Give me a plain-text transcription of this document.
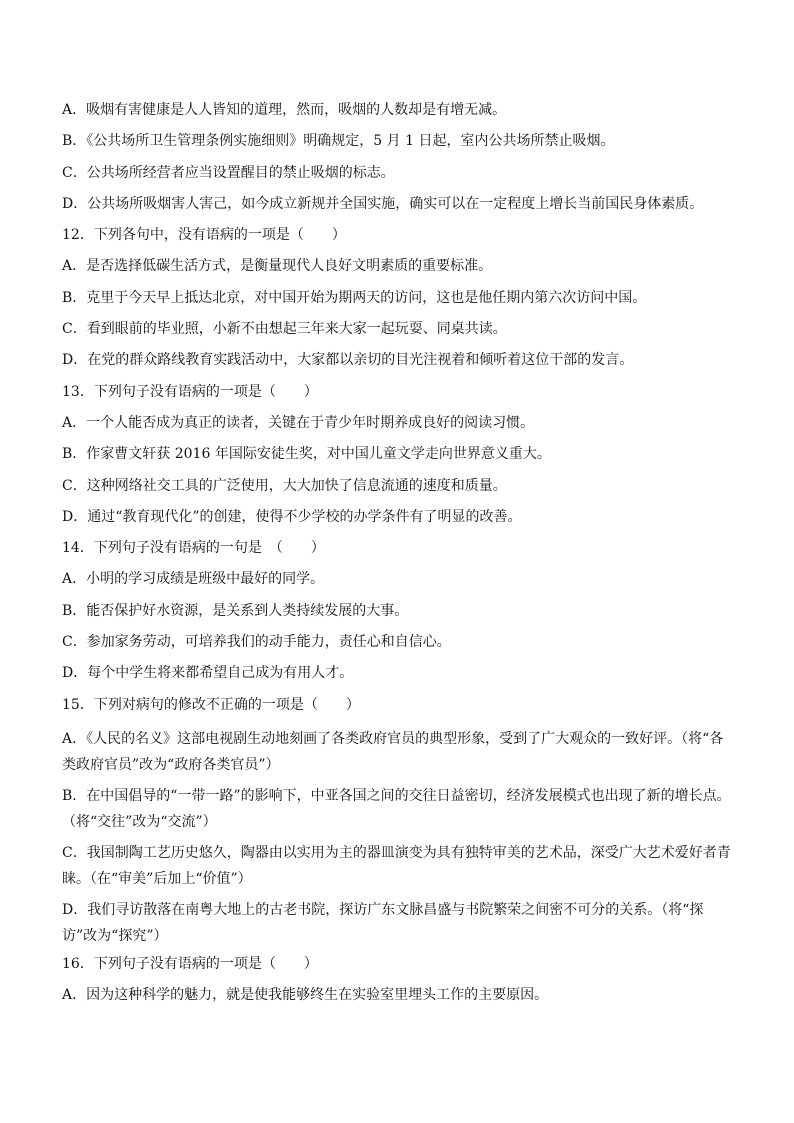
A．吸烟有害健康是人人皆知的道理，然而，吸烟的人数却是有增无减。
B．《公共场所卫生管理条例实施细则》明确规定，5 月 1 日起，室内公共场所禁止吸烟。
C．公共场所经营者应当设置醒目的禁止吸烟的标志。
D．公共场所吸烟害人害己，如今成立新规并全国实施，确实可以在一定程度上增长当前国民身体素质。
12．下列各句中，没有语病的一项是（　　）
A．是否选择低碳生活方式，是衡量现代人良好文明素质的重要标准。
B．克里于今天早上抵达北京，对中国开始为期两天的访问，这也是他任期内第六次访问中国。
C．看到眼前的毕业照，小新不由想起三年来大家一起玩耍、同桌共读。
D．在党的群众路线教育实践活动中，大家都以亲切的目光注视着和倾听着这位干部的发言。
13．下列句子没有语病的一项是（　　）
A．一个人能否成为真正的读者，关键在于青少年时期养成良好的阅读习惯。
B．作家曹文轩获 2016 年国际安徒生奖，对中国儿童文学走向世界意义重大。
C．这种网络社交工具的广泛使用，大大加快了信息流通的速度和质量。
D．通过“教育现代化”的创建，使得不少学校的办学条件有了明显的改善。
14．下列句子没有语病的一句是　（　　）
A．小明的学习成绩是班级中最好的同学。
B．能否保护好水资源，是关系到人类持续发展的大事。
C．参加家务劳动，可培养我们的动手能力，责任心和自信心。
D．每个中学生将来都希望自己成为有用人才。
15．下列对病句的修改不正确的一项是（　　）
A．《人民的名义》这部电视剧生动地刻画了各类政府官员的典型形象，受到了广大观众的一致好评。（将“各类政府官员”改为“政府各类官员”）
B．在中国倡导的“一带一路”的影响下，中亚各国之间的交往日益密切，经济发展模式也出现了新的增长点。（将“交往”改为“交流”）
C．我国制陶工艺历史悠久，陶器由以实用为主的器皿演变为具有独特审美的艺术品，深受广大艺术爱好者青睐。（在“审美”后加上“价值”）
D．我们寻访散落在南粤大地上的古老书院，探访广东文脉昌盛与书院繁荣之间密不可分的关系。（将“探访”改为“探究”）
16．下列句子没有语病的一项是（　　）
A．因为这种科学的魅力，就是使我能够终生在实验室里埋头工作的主要原因。
